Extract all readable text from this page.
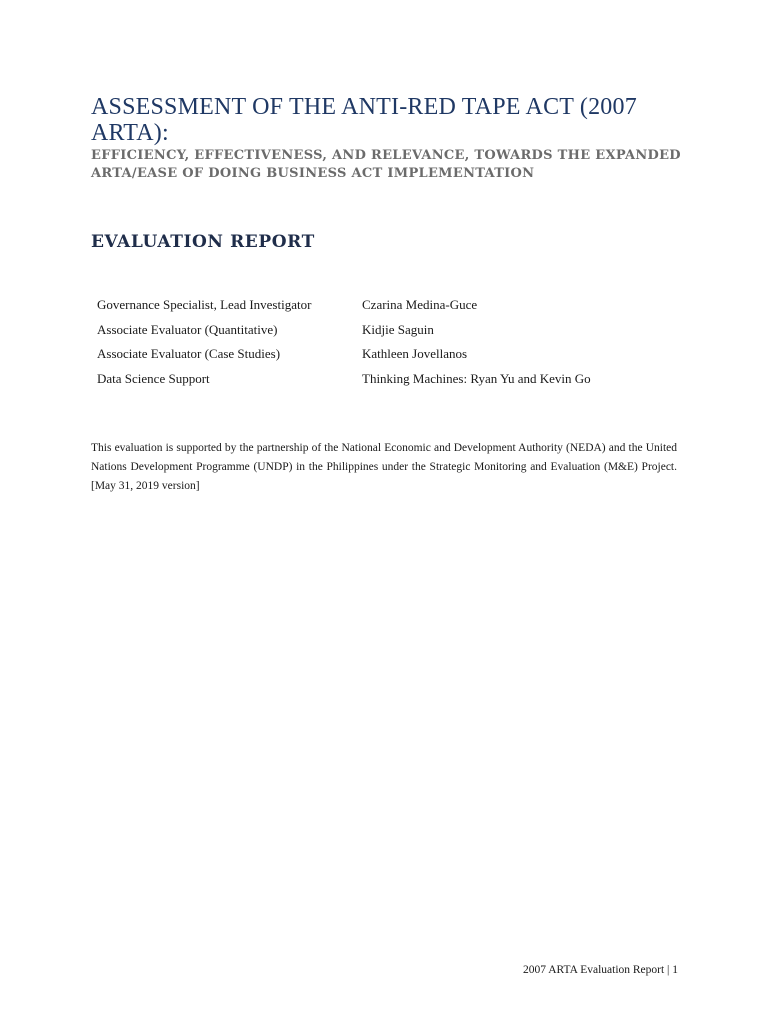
ASSESSMENT OF THE ANTI-RED TAPE ACT (2007 ARTA):
EFFICIENCY, EFFECTIVENESS, AND RELEVANCE, TOWARDS THE EXPANDED ARTA/EASE OF DOING BUSINESS ACT IMPLEMENTATION
EVALUATION REPORT
Governance Specialist, Lead Investigator	Czarina Medina-Guce
Associate Evaluator (Quantitative)	Kidjie Saguin
Associate Evaluator (Case Studies)	Kathleen Jovellanos
Data Science Support	Thinking Machines: Ryan Yu and Kevin Go

This evaluation is supported by the partnership of the National Economic and Development Authority (NEDA) and the United Nations Development Programme (UNDP) in the Philippines under the Strategic Monitoring and Evaluation (M&E) Project. [May 31, 2019 version]

2007 ARTA Evaluation Report | 1
